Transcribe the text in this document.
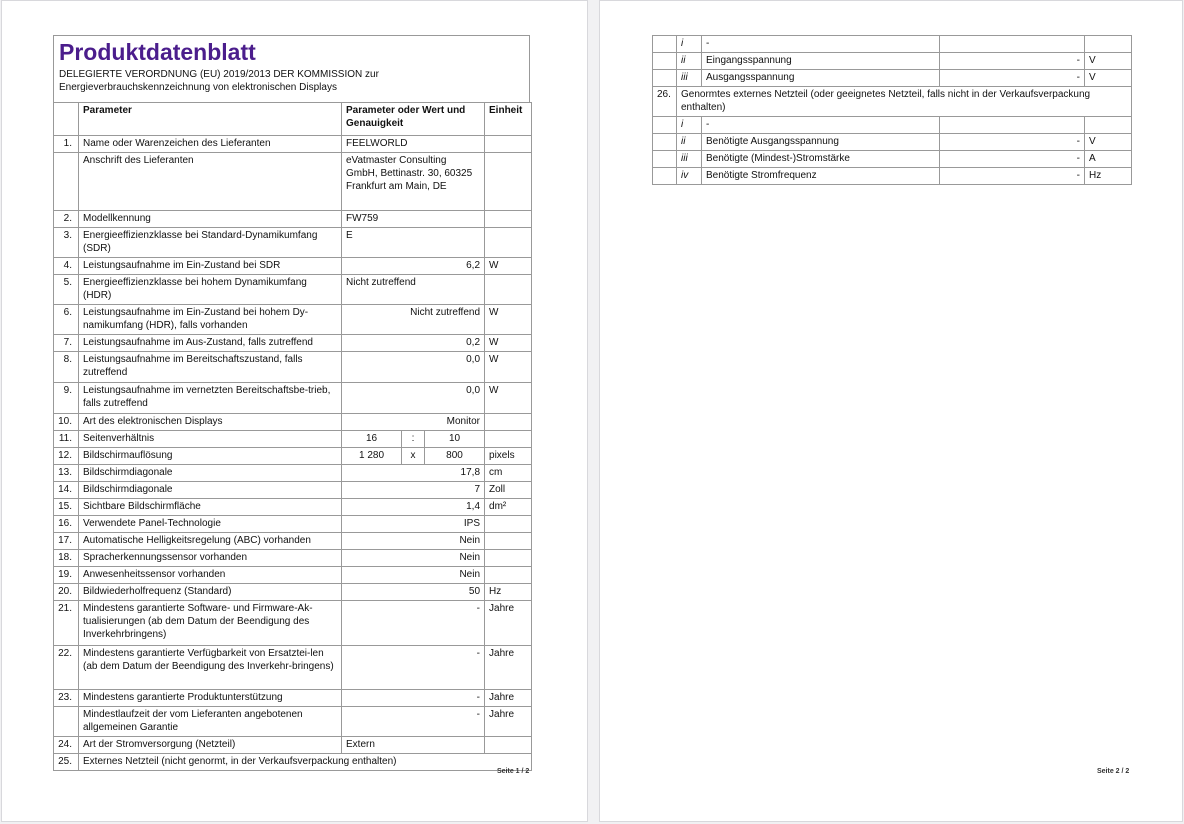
Produktdatenblatt
DELEGIERTE VERORDNUNG (EU) 2019/2013 DER KOMMISSION zur Energieverbrauchskennzeichnung von elektronischen Displays
	Parameter	Parameter oder Wert und Genauigkeit			Einheit
1.	Name oder Warenzeichen des Lieferanten	FEELWORLD			
	Anschrift des Lieferanten	eVatmaster Consulting GmbH, Bettinastr. 30, 60325 Frankfurt am Main, DE			
2.	Modellkennung	FW759			
3.	Energieeffizienzklasse bei Standard-Dynamikumfang (SDR)	E			
4.	Leistungsaufnahme im Ein-Zustand bei SDR	6,2			W
5.	Energieeffizienzklasse bei hohem Dynamikumfang (HDR)	Nicht zutreffend			
6.	Leistungsaufnahme im Ein-Zustand bei hohem Dy-namikumfang (HDR), falls vorhanden	Nicht zutreffend			W
7.	Leistungsaufnahme im Aus-Zustand, falls zutreffend	0,2			W
8.	Leistungsaufnahme im Bereitschaftszustand, falls zutreffend	0,0			W
9.	Leistungsaufnahme im vernetzten Bereitschaftsbe-trieb, falls zutreffend	0,0			W
10.	Art des elektronischen Displays	Monitor			
11.	Seitenverhältnis	16	:	10	
12.	Bildschirmauflösung	1 280	x	800	pixels
13.	Bildschirmdiagonale	17,8			cm
14.	Bildschirmdiagonale	7			Zoll
15.	Sichtbare Bildschirmfläche	1,4			dm²
16.	Verwendete Panel-Technologie	IPS			
17.	Automatische Helligkeitsregelung (ABC) vorhanden	Nein			
18.	Spracherkennungssensor vorhanden	Nein			
19.	Anwesenheitssensor vorhanden	Nein			
20.	Bildwiederholfrequenz (Standard)	50			Hz
21.	Mindestens garantierte Software- und Firmware-Ak-tualisierungen (ab dem Datum der Beendigung des Inverkehrbringens)	-			Jahre
22.	Mindestens garantierte Verfügbarkeit von Ersatztei-len (ab dem Datum der Beendigung des Inverkehr-bringens)	-			Jahre
23.	Mindestens garantierte Produktunterstützung	-			Jahre
	Mindestlaufzeit der vom Lieferanten angebotenen allgemeinen Garantie	-			Jahre
24.	Art der Stromversorgung (Netzteil)	Extern			
25.	Externes Netzteil (nicht genormt, in der Verkaufsverpackung enthalten)				
Seite 1 / 2
	i	-		
	ii	Eingangsspannung	-	V
	iii	Ausgangsspannung	-	V
26.	Genormtes externes Netzteil (oder geeignetes Netzteil, falls nicht in der Verkaufsverpackung enthalten)			
	i	-		
	ii	Benötigte Ausgangsspannung	-	V
	iii	Benötigte (Mindest-)Stromstärke	-	A
	iv	Benötigte Stromfrequenz	-	Hz
Seite 2 / 2
